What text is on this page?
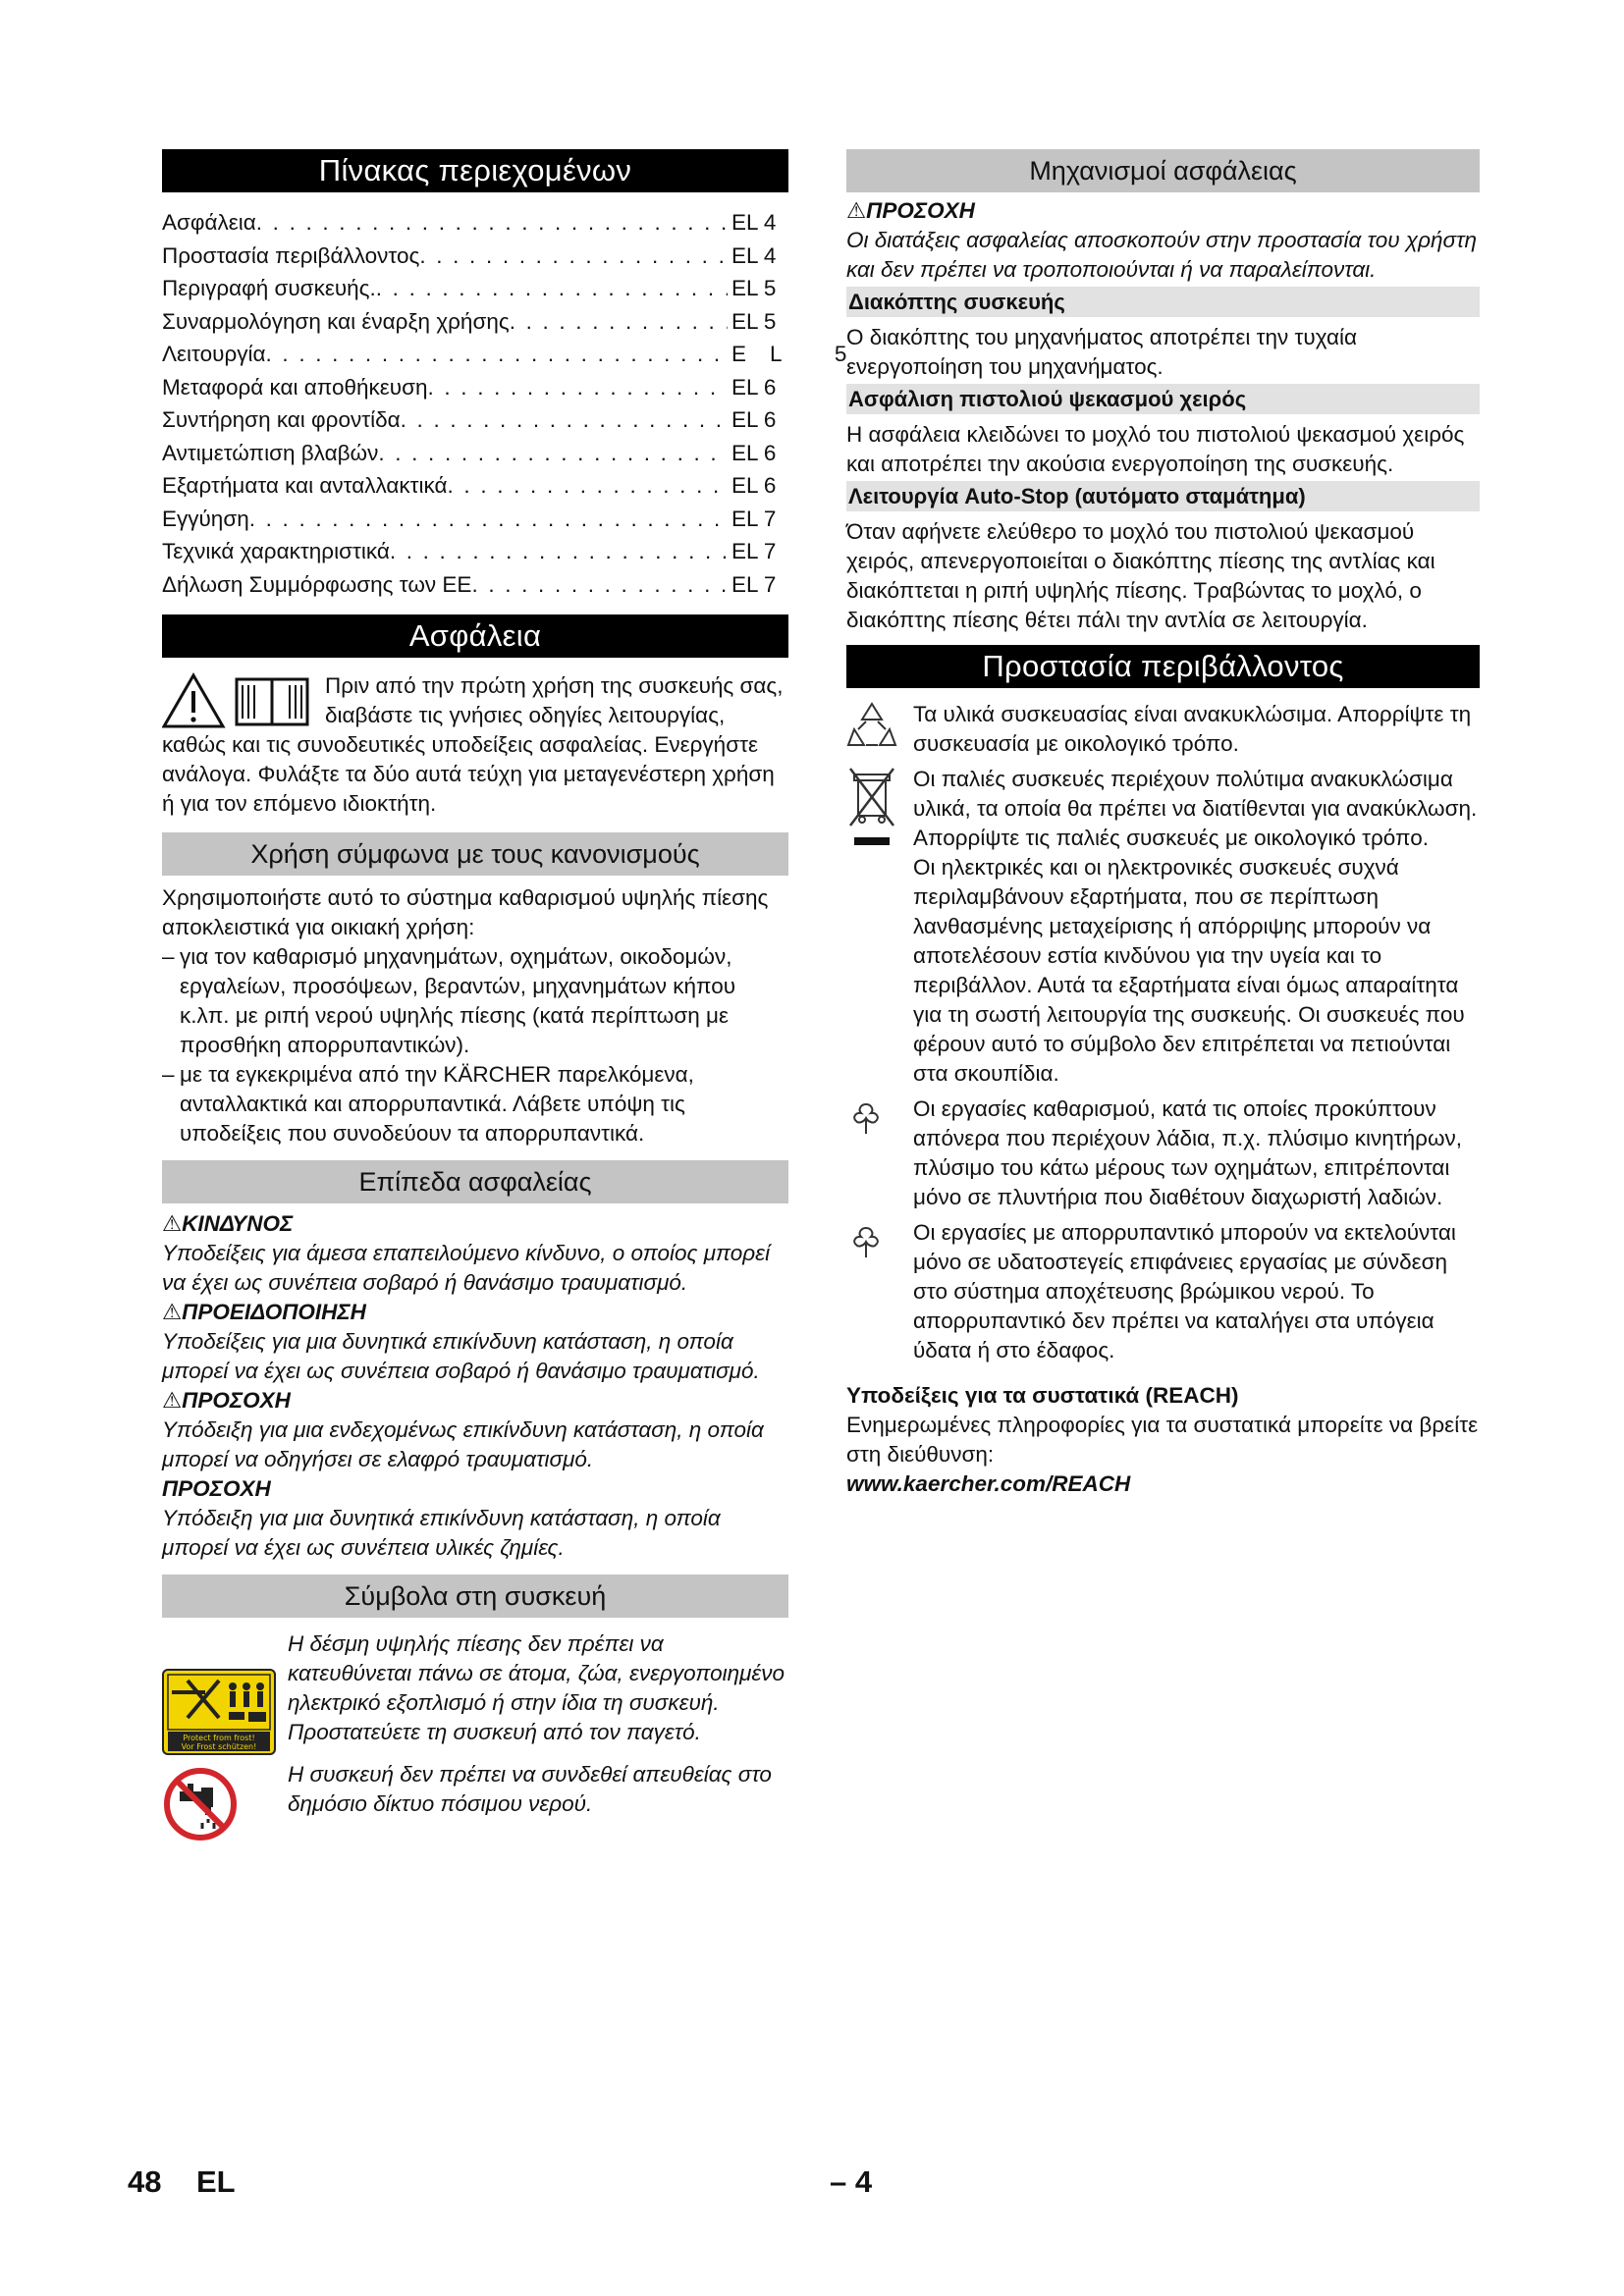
Πίνακας περιεχομένων
Ασφάλεια . . .	EL 4
Προστασία περιβάλλοντος . . .	EL 4
Περιγραφή συσκευής. . . .	EL 5
Συναρμολόγηση και έναρξη χρήσης . . .	EL 5
Λειτουργία . . .	EL 5
Μεταφορά και αποθήκευση . . .	EL 6
Συντήρηση και φροντίδα . . .	EL 6
Αντιμετώπιση βλαβών . . .	EL 6
Εξαρτήματα και ανταλλακτικά . . .	EL 6
Εγγύηση . . .	EL 7
Τεχνικά χαρακτηριστικά . . .	EL 7
Δήλωση Συμμόρφωσης των ΕΕ . . .	EL 7
Ασφάλεια

Πριν από την πρώτη χρήση της συσκευής σας, διαβάστε τις γνήσιες οδηγίες λειτουργίας, καθώς και τις συνοδευτικές υποδείξεις ασφαλείας. Ενεργήστε ανάλογα. Φυλάξτε τα δύο αυτά τεύχη για μεταγενέστερη χρήση ή για τον επόμενο ιδιοκτήτη.

Χρήση σύμφωνα με τους κανονισμούς

Χρησιμοποιήστε αυτό το σύστημα καθαρισμού υψηλής πίεσης αποκλειστικά για οικιακή χρήση:

– για τον καθαρισμό μηχανημάτων, οχημάτων, οικοδομών, εργαλείων, προσόψεων, βεραντών, μηχανημάτων κήπου κ.λπ. με ριπή νερού υψηλής πίεσης (κατά περίπτωση με προσθήκη απορρυπαντικών).
– με τα εγκεκριμένα από την KÄRCHER παρελκόμενα, ανταλλακτικά και απορρυπαντικά. Λάβετε υπόψη τις υποδείξεις που συνοδεύουν τα απορρυπαντικά.
Επίπεδα ασφαλείας
⚠ΚΙΝΔΥΝΟΣ

Υποδείξεις για άμεσα επαπειλούμενο κίνδυνο, ο οποίος μπορεί να έχει ως συνέπεια σοβαρό ή θανάσιμο τραυματισμό.

⚠ΠΡΟΕΙΔΟΠΟΙΗΣΗ

Υποδείξεις για μια δυνητικά επικίνδυνη κατάσταση, η οποία μπορεί να έχει ως συνέπεια σοβαρό ή θανάσιμο τραυματισμό.

⚠ΠΡΟΣΟΧΗ

Υπόδειξη για μια ενδεχομένως επικίνδυνη κατάσταση, η οποία μπορεί να οδηγήσει σε ελαφρό τραυματισμό.

ΠΡΟΣΟΧΗ

Υπόδειξη για μια δυνητικά επικίνδυνη κατάσταση, η οποία μπορεί να έχει ως συνέπεια υλικές ζημίες.

Σύμβολα στη συσκευή
Protect from frost!
Vor Frost schützen!

Η δέσμη υψηλής πίεσης δεν πρέπει να κατευθύνεται πάνω σε άτομα, ζώα, ενεργοποιημένο ηλεκτρικό εξοπλισμό ή στην ίδια τη συσκευή.

Προστατεύετε τη συσκευή από τον παγετό.

Η συσκευή δεν πρέπει να συνδεθεί απευθείας στο δημόσιο δίκτυο πόσιμου νερού.

Μηχανισμοί ασφάλειας
⚠ΠΡΟΣΟΧΗ

Οι διατάξεις ασφαλείας αποσκοπούν στην προστασία του χρήστη και δεν πρέπει να τροποποιούνται ή να παραλείπονται.

Διακόπτης συσκευής

Ο διακόπτης του μηχανήματος αποτρέπει την τυχαία ενεργοποίηση του μηχανήματος.

Ασφάλιση πιστολιού ψεκασμού χειρός

Η ασφάλεια κλειδώνει το μοχλό του πιστολιού ψεκασμού χειρός και αποτρέπει την ακούσια ενεργοποίηση της συσκευής.

Λειτουργία Auto-Stop (αυτόματο σταμάτημα)

Όταν αφήνετε ελεύθερο το μοχλό του πιστολιού ψεκασμού χειρός, απενεργοποιείται ο διακόπτης πίεσης της αντλίας και διακόπτεται η ριπή υψηλής πίεσης. Τραβώντας το μοχλό, ο διακόπτης πίεσης θέτει πάλι την αντλία σε λειτουργία.

Προστασία περιβάλλοντος

Τα υλικά συσκευασίας είναι ανακυκλώσιμα. Απορρίψτε τη συσκευασία με οικολογικό τρόπο.

Οι παλιές συσκευές περιέχουν πολύτιμα ανακυκλώσιμα υλικά, τα οποία θα πρέπει να διατίθενται για ανακύκλωση. Απορρίψτε τις παλιές συσκευές με οικολογικό τρόπο.

Οι ηλεκτρικές και οι ηλεκτρονικές συσκευές συχνά περιλαμβάνουν εξαρτήματα, που σε περίπτωση λανθασμένης μεταχείρισης ή απόρριψης μπορούν να αποτελέσουν εστία κινδύνου για την υγεία και το περιβάλλον. Αυτά τα εξαρτήματα είναι όμως απαραίτητα για τη σωστή λειτουργία της συσκευής. Οι συσκευές που φέρουν αυτό το σύμβολο δεν επιτρέπεται να πετιούνται στα σκουπίδια.

Οι εργασίες καθαρισμού, κατά τις οποίες προκύπτουν απόνερα που περιέχουν λάδια, π.χ. πλύσιμο κινητήρων, πλύσιμο του κάτω μέρους των οχημάτων, επιτρέπονται μόνο σε πλυντήρια που διαθέτουν διαχωριστή λαδιών.

Οι εργασίες με απορρυπαντικό μπορούν να εκτελούνται μόνο σε υδατοστεγείς επιφάνειες εργασίας με σύνδεση στο σύστημα αποχέτευσης βρώμικου νερού. Το απορρυπαντικό δεν πρέπει να καταλήγει στα υπόγεια ύδατα ή στο έδαφος.

Υποδείξεις για τα συστατικά (REACH)

Ενημερωμένες πληροφορίες για τα συστατικά μπορείτε να βρείτε στη διεύθυνση:

www.kaercher.com/REACH
48 EL	– 4
